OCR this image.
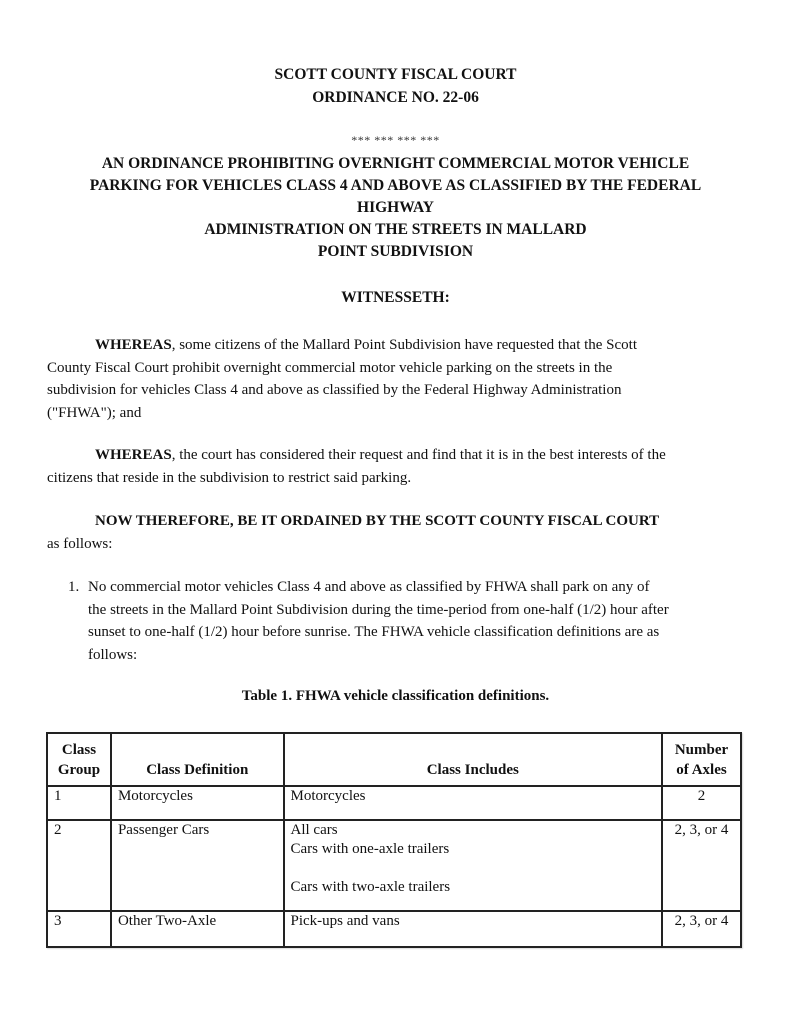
SCOTT COUNTY FISCAL COURT
ORDINANCE NO. 22-06
*** *** *** ***
AN ORDINANCE PROHIBITING OVERNIGHT COMMERCIAL MOTOR VEHICLE
PARKING FOR VEHICLES CLASS 4 AND ABOVE AS CLASSIFIED BY THE FEDERAL
HIGHWAY
ADMINISTRATION ON THE STREETS IN MALLARD
POINT SUBDIVISION
WITNESSETH:
WHEREAS, some citizens of the Mallard Point Subdivision have requested that the Scott
County Fiscal Court prohibit overnight commercial motor vehicle parking on the streets in the
subdivision for vehicles Class 4 and above as classified by the Federal Highway Administration
("FHWA"); and
WHEREAS, the court has considered their request and find that it is in the best interests of the
citizens that reside in the subdivision to restrict said parking.
NOW THEREFORE, BE IT ORDAINED BY THE SCOTT COUNTY FISCAL COURT
as follows:
1. No commercial motor vehicles Class 4 and above as classified by FHWA shall park on any of
the streets in the Mallard Point Subdivision during the time-period from one-half (1/2) hour after
sunset to one-half (1/2) hour before sunrise. The FHWA vehicle classification definitions are as
follows:
Table 1. FHWA vehicle classification definitions.
Class
Group	Class Definition	Class Includes	Number
of Axles

1	Motorcycles	Motorcycles	2
2	Passenger Cars	All cars
Cars with one-axle trailers
Cars with two-axle trailers	2, 3, or 4
3	Other Two-Axle	Pick-ups and vans	2, 3, or 4
